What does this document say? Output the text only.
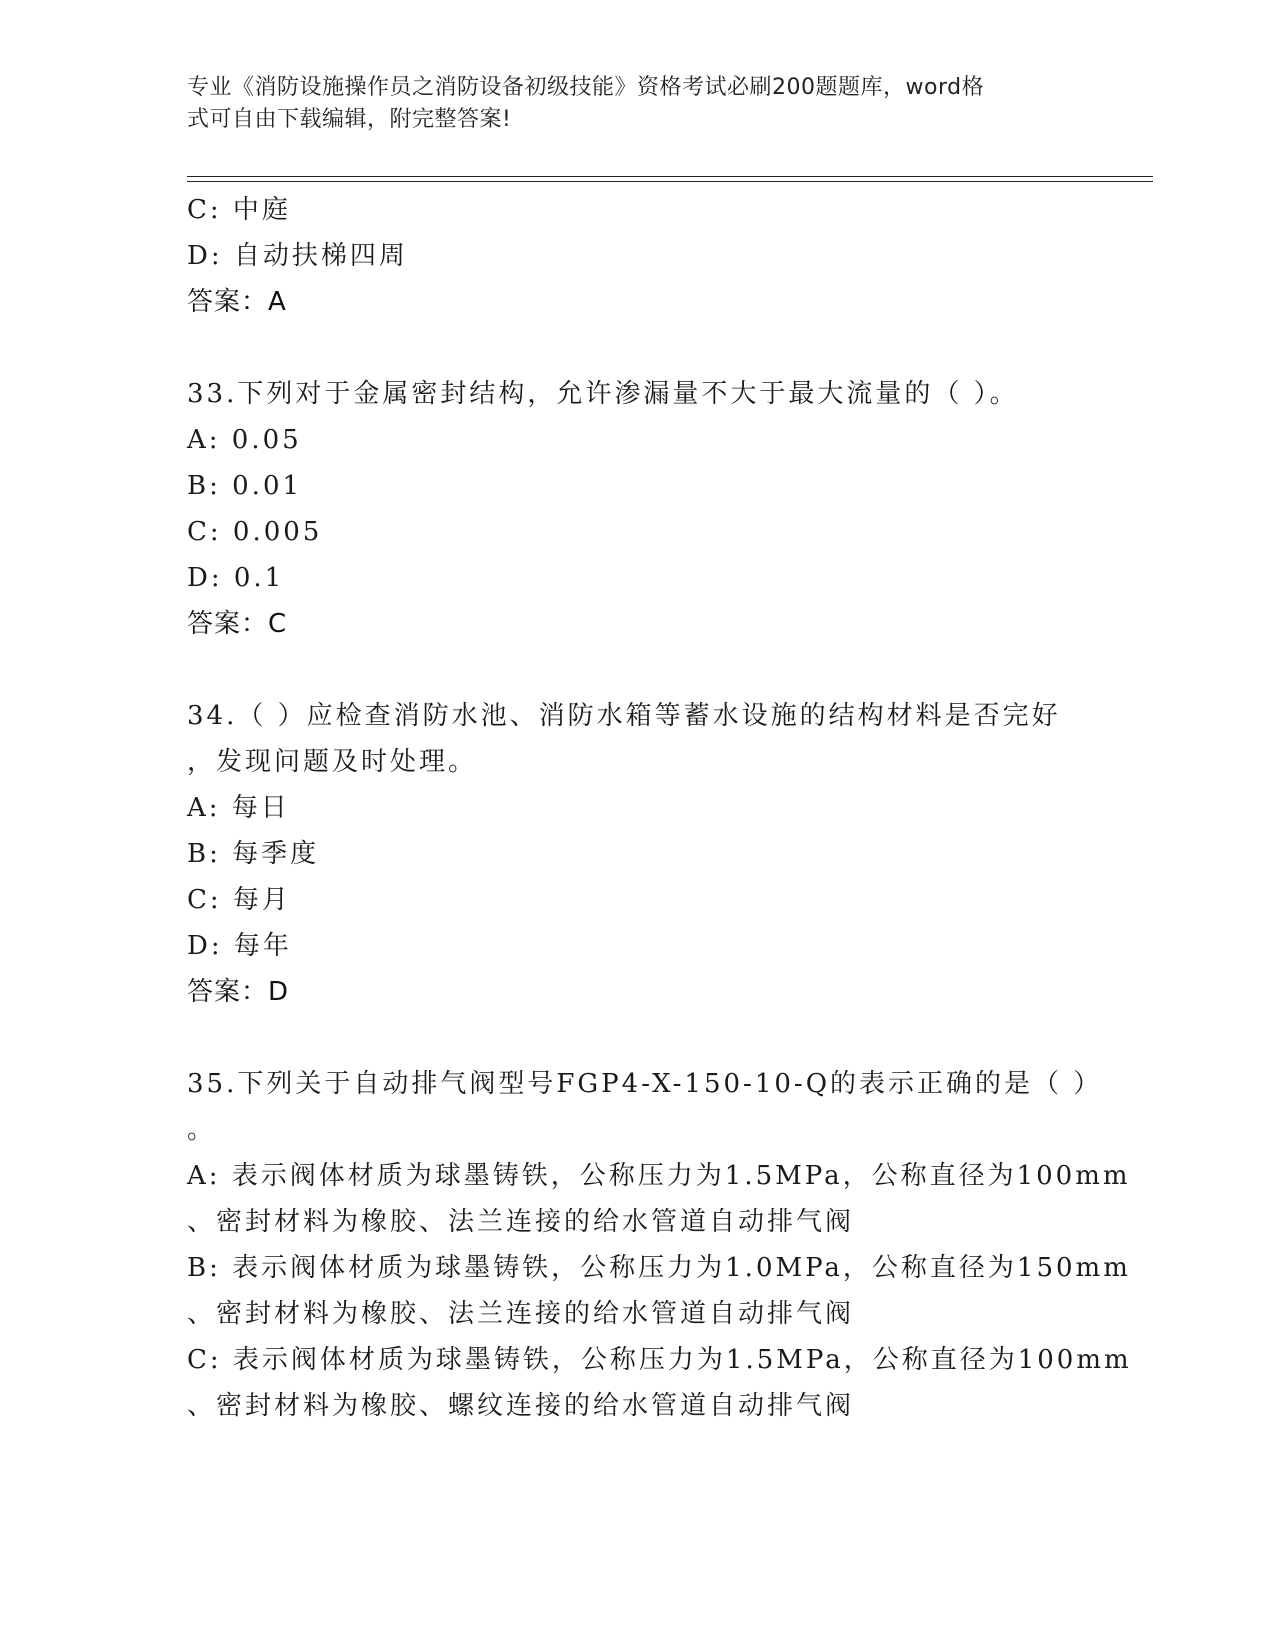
专业《消防设施操作员之消防设备初级技能》资格考试必刷200题题库，word格
式可自由下载编辑，附完整答案!
C: 中庭
D: 自动扶梯四周
答案：A
33.下列对于金属密封结构，允许渗漏量不大于最大流量的（ ）。
A: 0.05
B: 0.01
C: 0.005
D: 0.1
答案：C
34.（ ）应检查消防水池、消防水箱等蓄水设施的结构材料是否完好
，发现问题及时处理。
A: 每日
B: 每季度
C: 每月
D: 每年
答案：D
35.下列关于自动排气阀型号FGP4-X-150-10-Q的表示正确的是（ ）
。
A: 表示阀体材质为球墨铸铁，公称压力为1.5MPa，公称直径为100mm
、密封材料为橡胶、法兰连接的给水管道自动排气阀
B: 表示阀体材质为球墨铸铁，公称压力为1.0MPa，公称直径为150mm
、密封材料为橡胶、法兰连接的给水管道自动排气阀
C: 表示阀体材质为球墨铸铁，公称压力为1.5MPa，公称直径为100mm
、密封材料为橡胶、螺纹连接的给水管道自动排气阀
